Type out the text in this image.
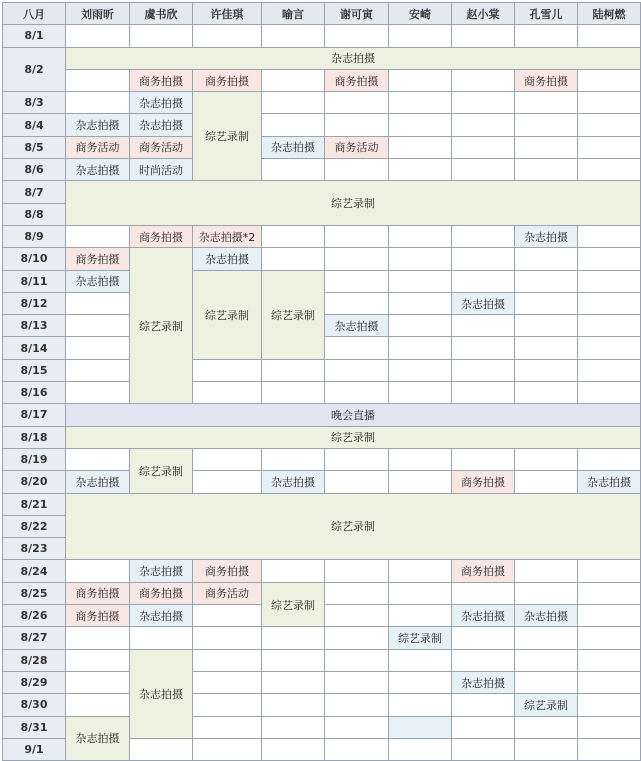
八月	刘雨昕	虞书欣	许佳琪	喻言	谢可寅	安崎	赵小棠	孔雪儿	陆柯燃
8/1									
8/2	杂志拍摄								
		商务拍摄	商务拍摄		商务拍摄			商务拍摄	
8/3		杂志拍摄	综艺录制						
8/4	杂志拍摄	杂志拍摄							
8/5	商务活动	商务活动		杂志拍摄	商务活动				
8/6	杂志拍摄	时尚活动							
8/7	综艺录制								
8/8									
8/9		商务拍摄	杂志拍摄*2					杂志拍摄	
8/10	商务拍摄	综艺录制	杂志拍摄						
8/11	杂志拍摄		综艺录制	综艺录制					
8/12							杂志拍摄		
8/13					杂志拍摄				
8/14									
8/15									
8/16									
8/17	晚会直播								
8/18	综艺录制								
8/19		综艺录制							
8/20	杂志拍摄			杂志拍摄			商务拍摄		杂志拍摄
8/21	综艺录制								
8/22									
8/23									
8/24		杂志拍摄	商务拍摄				商务拍摄		
8/25	商务拍摄	商务拍摄	商务活动	综艺录制					
8/26	商务拍摄	杂志拍摄					杂志拍摄	杂志拍摄	
8/27						综艺录制			
8/28		杂志拍摄							
8/29							杂志拍摄		
8/30								综艺录制	
8/31	杂志拍摄								
9/1									
